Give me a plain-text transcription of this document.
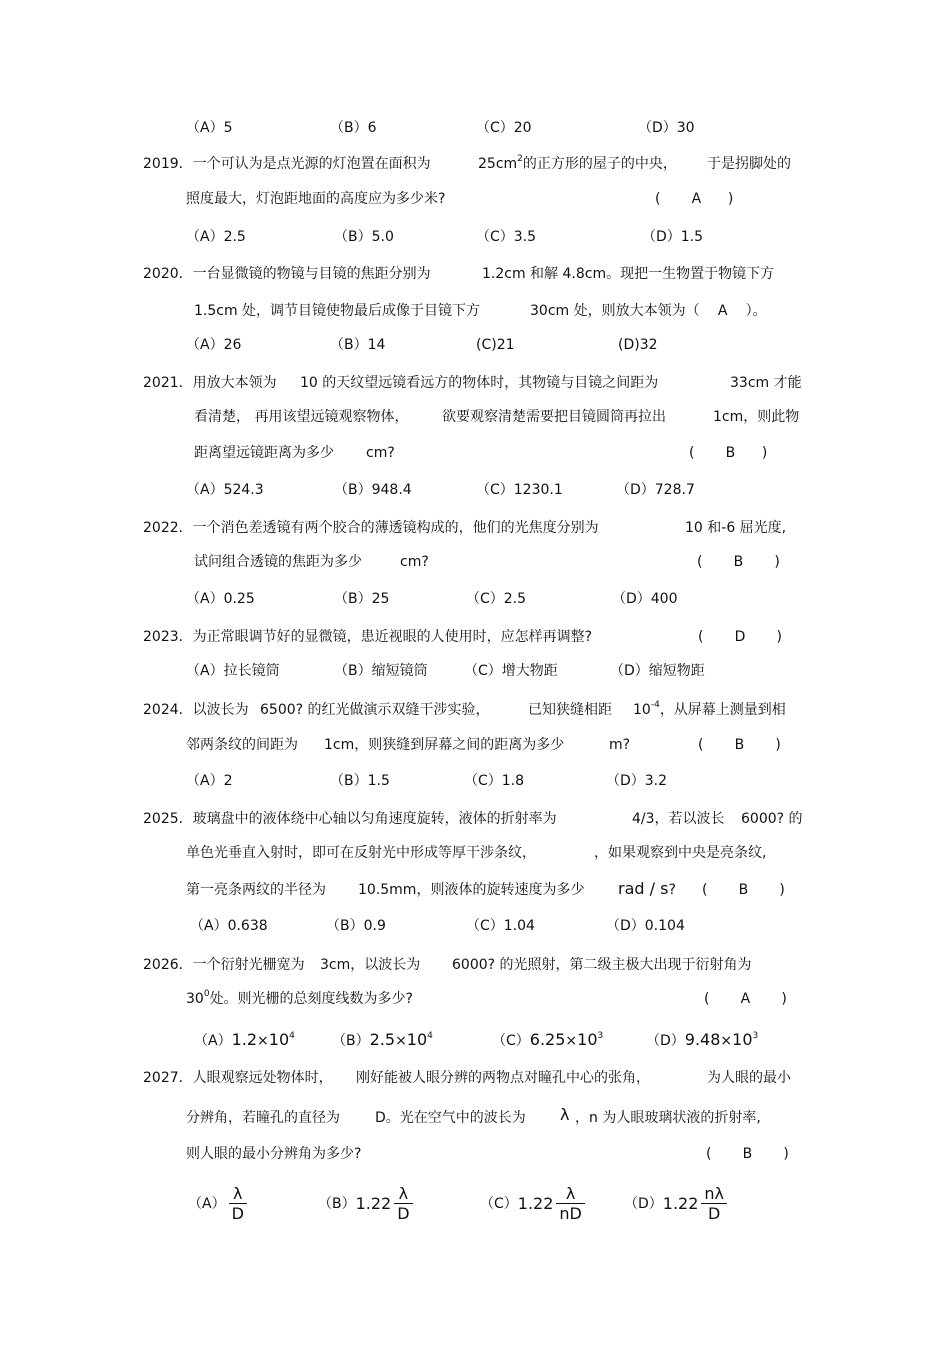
（A）5	（B）6	（C）20	（D）30
2019．一个可认为是点光源的灯泡置在面积为	$25cm^2$的正方形的屋子的中央， 于是拐脚处的
照度最大，灯泡距地面的高度应为多少米?	(       A      )
（A）2.5	（B）5.0	（C）3.5	（D）1.5
2020．一台显微镜的物镜与目镜的焦距分别为	1.2cm 和解 4.8cm。现把一生物置于物镜下方
1.5cm 处，调节目镜使物最后成像于目镜下方	30cm 处，则放大本领为（ A ）。
（A）26	（B）14	(C)21	(D)32
2021．用放大本领为 10 的天纹望远镜看远方的物体时，其物镜与目镜之间距为	33cm 才能
看清楚， 再用该望远镜观察物体， 欲要观察清楚需要把目镜圆筒再拉出	1cm，则此物
距离望远镜距离为多少 cm?	(       B      )
（A）524.3	（B）948.4	（C）1230.1	（D）728.7
2022．一个消色差透镜有两个胶合的薄透镜构成的，他们的光焦度分别为	10 和-6 屈光度,
试问组合透镜的焦距为多少	cm?	(       B       )
（A）0.25	（B）25	（C）2.5	（D）400
2023．为正常眼调节好的显微镜，患近视眼的人使用时，应怎样再调整?	(       D       )
（A）拉长镜筒	（B）缩短镜筒	（C）增大物距	（D）缩短物距
2024．以波长为 6500? 的红光做演示双缝干涉实验，	已知狭缝相距 $10^{-4}$，从屏幕上测量到相
邻两条纹的间距为 1cm，则狭缝到屏幕之间的距离为多少	m?	(       B       )
（A）2	（B）1.5	（C）1.8	（D）3.2
2025．玻璃盘中的液体绕中心轴以匀角速度旋转，液体的折射率为	4/3，若以波长 6000? 的
单色光垂直入射时，即可在反射光中形成等厚干涉条纹，	，如果观察到中央是亮条纹,
第一亮条两纹的半径为 10.5mm，则液体的旋转速度为多少 rad / s? (       B       )
（A）0.638	（B）0.9	（C）1.04	（D）0.104
2026．一个衍射光栅宽为 3cm，以波长为 6000? 的光照射，第二级主极大出现于衍射角为
$30^0$处。则光栅的总刻度线数为多少?	(       A       )
$(A)1.2\times 10^4$	$(B)2.5\times 10^4$	$(C)6.25\times 10^3$	$(D)9.48\times 10^3$
2027．人眼观察远处物体时， 刚好能被人眼分辨的两物点对瞳孔中心的张角，	为人眼的最小
分辨角，若瞳孔的直径为	D。光在空气中的波长为 λ ，n 为人眼玻璃状液的折射率,
则人眼的最小分辨角为多少?	(       B       )
$(A) \frac{\lambda}{D}$	$(B)1.22 \frac{\lambda}{D}$	$(C)1.22 \frac{\lambda}{nD}$	$(D)1.22 \frac{n\lambda}{D}$
